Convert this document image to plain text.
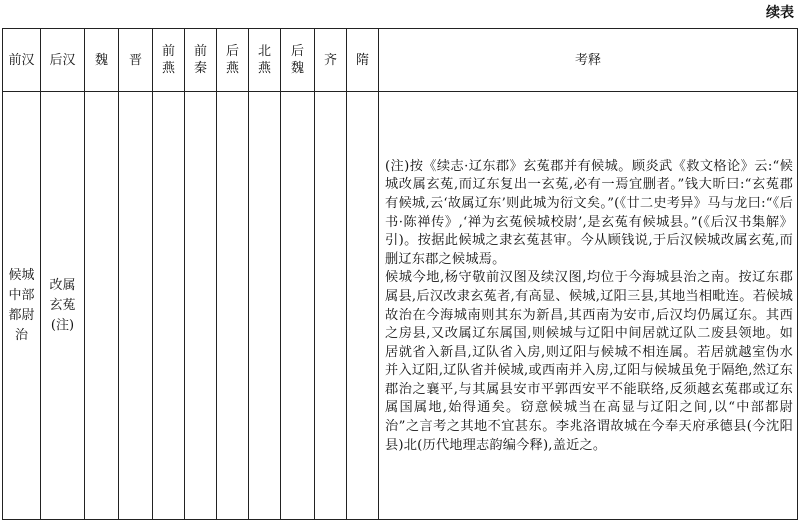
续表
前汉	后汉	魏	晋	前燕	前秦	后燕	北燕	后魏	齐	隋	考释

候城中部都尉治	改属玄菟(注)										(注)按《续志·辽东郡》玄菟郡并有候城。顾炎武《救文格论》云:“候城改属玄菟,而辽东复出一玄菟,必有一焉宜删者。”钱大昕曰:“玄菟郡有候城,云‘故属辽东’则此城为衍文矣。”(《廿二史考异》马与龙曰:“《后书·陈禅传》,‘禅为玄菟候城校尉’,是玄菟有候城县。”(《后汉书集解》引)。按据此候城之隶玄菟甚审。今从顾钱说,于后汉候城改属玄菟,而删辽东郡之候城焉。

候城今地,杨守敬前汉图及续汉图,均位于今海城县治之南。按辽东郡属县,后汉改隶玄菟者,有高显、候城,辽阳三县,其地当相毗连。若候城故治在今海城南则其东为新昌,其西南为安市,后汉均仍属辽东。其西之房县,又改属辽东属国,则候城与辽阳中间居就辽队二废县领地。如居就省入新昌,辽队省入房,则辽阳与候城不相连属。若居就越室伪水并入辽阳,辽队省并候城,或西南并入房,辽阳与候城虽免于隔绝,然辽东郡治之襄平,与其属县安市平郭西安平不能联络,反须越玄菟郡或辽东属国属地,始得通矣。窃意候城当在高显与辽阳之间,以“中部都尉治”之言考之其地不宜甚东。李兆洛谓故城在今奉天府承德县(今沈阳县)北(历代地理志韵编今释),盖近之。
